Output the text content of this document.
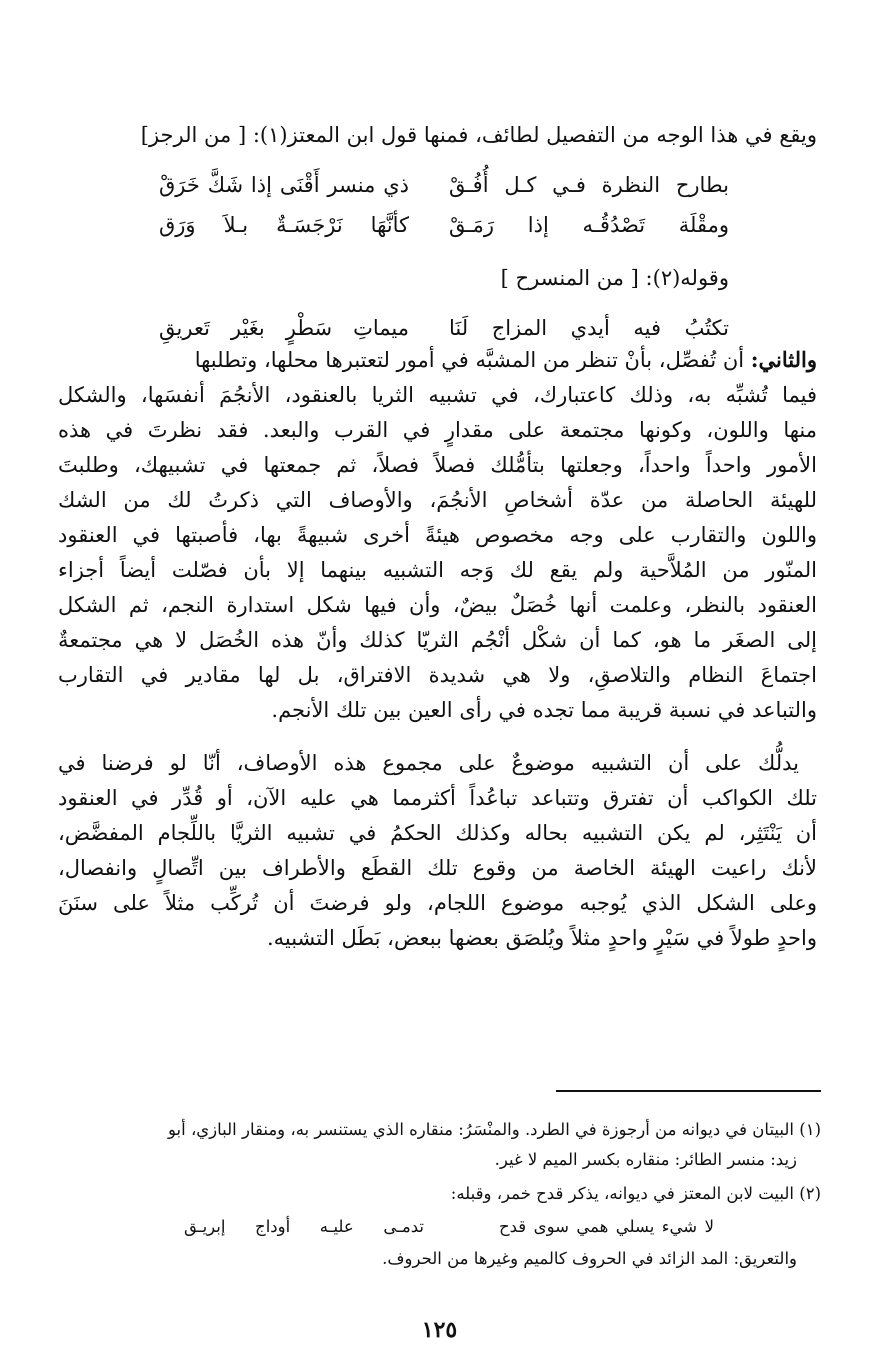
ويقع في هذا الوجه من التفصيل لطائف، فمنها قول ابن المعتز(١): [ من الرجز]
بطارح النظرة فـي كـل أُفُـقْ
ذي منسر أَقْنَى إذا شَكَّ خَرَقْ
ومقْلَة تَصْدُقُـه إذا رَمَـقْ
كأنَّهَا نَرْجَسَـةٌ بـلاَ وَرَق
وقوله(٢): [ من المنسرح ]
تكتُبُ فيه أيدي المزاج لَنَا
ميماتِ سَطْرٍ بغَيْر تَعريقِ
والثاني: أن تُفصِّل، بأنْ تنظر من المشبَّه في أمور لتعتبرها محلها، وتطلبها
فيما تُشبِّه به، وذلك كاعتبارك، في تشبيه الثريا بالعنقود، الأنجُمَ أنفسَها، والشكل
منها واللون، وكونها مجتمعة على مقدارٍ في القرب والبعد. فقد نظرتَ في هذه
الأمور واحداً واحداً، وجعلتها بتأمُّلك فصلاً فصلاً، ثم جمعتها في تشبيهك، وطلبتَ
للهيئة الحاصلة من عدّة أشخاصِ الأنجُمَ، والأوصاف التي ذكرتُ لك من الشك
واللون والتقارب على وجه مخصوص هيئةً أخرى شبيهةً بها، فأصبتها في العنقود
المنّور من المُلاَّحية ولم يقع لك وَجه التشبيه بينهما إلا بأن فصّلت أيضاً أجزاء
العنقود بالنظر، وعلمت أنها خُصَلٌ بيضٌ، وأن فيها شكل استدارة النجم، ثم الشكل
إلى الصغَر ما هو، كما أن شكْل أنْجُم الثريّا كذلك وأنّ هذه الخُصَل لا هي مجتمعةٌ
اجتماعَ النظام والتلاصقِ، ولا هي شديدة الافتراق، بل لها مقادير في التقارب
والتباعد في نسبة قريبة مما تجده في رأى العين بين تلك الأنجم.
يدلُّك على أن التشبيه موضوعٌ على مجموع هذه الأوصاف، أنّا لو فرضنا في
تلك الكواكب أن تفترق وتتباعد تباعُداً أكثرمما هي عليه الآن، أو قُدِّر في العنقود
أن يَنْتَثِر، لم يكن التشبيه بحاله وكذلك الحكمُ في تشبيه الثريَّا باللِّجام المفضَّض،
لأنك راعيت الهيئة الخاصة من وقوع تلك القطَع والأطراف بين اتِّصالٍ وانفصال،
وعلى الشكل الذي يُوجبه موضوع اللجام، ولو فرضتَ أن تُركِّب مثلاً على سنَنَ
واحدٍ طولاً في سَيْرٍ واحدٍ مثلاً ويُلصَق بعضها ببعض، بَطَل التشبيه.
(١) البيتان في ديوانه من أرجوزة في الطرد. والمنْسَرُ: منقاره الذي يستنسر به، ومنقار البازي، أبو
زيد: منسر الطائر: منقاره بكسر الميم لا غير.
(٢) البيت لابن المعتز في ديوانه، يذكر قدح خمر، وقبله:
لا شيء يسلي همي سوى قدح
تدمـى عليـه أوداج إبريـق
والتعريق: المد الزائد في الحروف كالميم وغيرها من الحروف.
١٢٥
